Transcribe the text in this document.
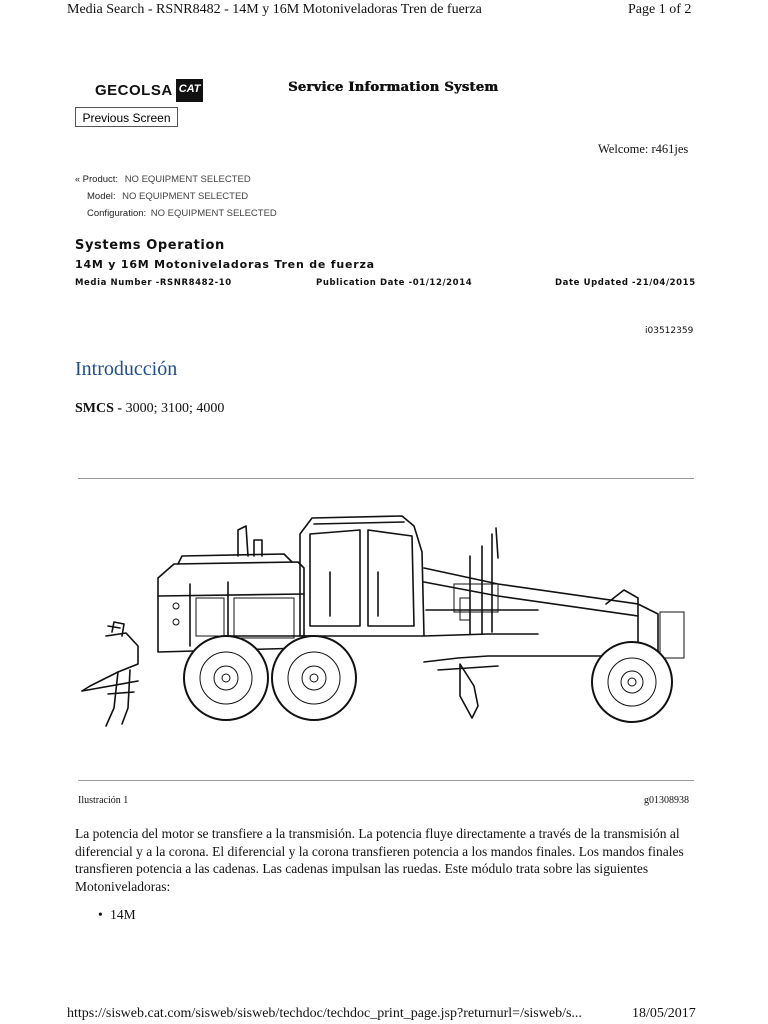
Media Search - RSNR8482 - 14M y 16M Motoniveladoras Tren de fuerza	Page 1 of 2
GECOLSA CAT	Service Information System
Previous Screen
Welcome: r461jes
« Product: NO EQUIPMENT SELECTED
Model: NO EQUIPMENT SELECTED
Configuration: NO EQUIPMENT SELECTED
Systems Operation
14M y 16M Motoniveladoras Tren de fuerza
Media Number -RSNR8482-10	Publication Date -01/12/2014	Date Updated -21/04/2015
i03512359
Introducción
SMCS - 3000; 3100; 4000
Ilustración 1	g01308938
La potencia del motor se transfiere a la transmisión. La potencia fluye directamente a través de la transmisión al diferencial y a la corona. El diferencial y la corona transfieren potencia a los mandos finales. Los mandos finales transfieren potencia a las cadenas. Las cadenas impulsan las ruedas. Este módulo trata sobre las siguientes Motoniveladoras:
• 14M
https://sisweb.cat.com/sisweb/sisweb/techdoc/techdoc_print_page.jsp?returnurl=/sisweb/s...	18/05/2017
